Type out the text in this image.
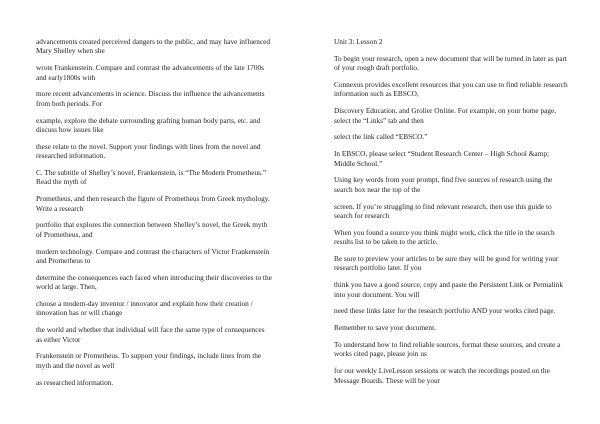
advancements created perceived dangers to the public, and may have influenced Mary Shelley when she

wrote Frankenstein. Compare and contrast the advancements of the late 1700s and early1800s with

more recent advancements in science. Discuss the influence the advancements from both periods. For

example, explore the debate surrounding grafting human body parts, etc. and discuss how issues like

these relate to the novel. Support your findings with lines from the novel and researched information.

C. The subtitle of Shelley’s novel, Frankenstein, is “The Modern Prometheus.” Read the myth of

Prometheus, and then research the figure of Prometheus from Greek mythology. Write a research

portfolio that explores the connection between Shelley’s novel, the Greek myth of Prometheus, and

modern technology. Compare and contrast the characters of Victor Frankenstein and Prometheus to

determine the consequences each faced when introducing their discoveries to the world at large. Then,

choose a modern-day inventor / innovator and explain how their creation / innovation has or will change

the world and whether that individual will face the same type of consequences as either Victor

Frankenstein or Prometheus. To support your findings, include lines from the myth and the novel as well

as researched information.

Unit 3: Lesson 2

To begin your research, open a new document that will be turned in later as part of your rough draft portfolio.

Connexus provides excellent resources that you can use to find reliable research information such as EBSCO,

Discovery Education, and Grolier Online. For example, on your home page, select the “Links” tab and then

select the link called “EBSCO.”

In EBSCO, please select “Student Research Center – High School &amp; Middle School.”

Using key words from your prompt, find five sources of research using the search box near the top of the

screen. If you’re struggling to find relevant research, then use this guide to search for research

When you found a source you think might work, click the title in the search results list to be taken to the article.

Be sure to preview your articles to be sure they will be good for writing your research portfolio later. If you

think you have a good source, copy and paste the Persistent Link or Permalink into your document. You will

need these links later for the research portfolio AND your works cited page.

Remember to save your document.

To understand how to find reliable sources, format these sources, and create a works cited page, please join us

for our weekly LiveLesson sessions or watch the recordings posted on the Message Boards. These will be your
